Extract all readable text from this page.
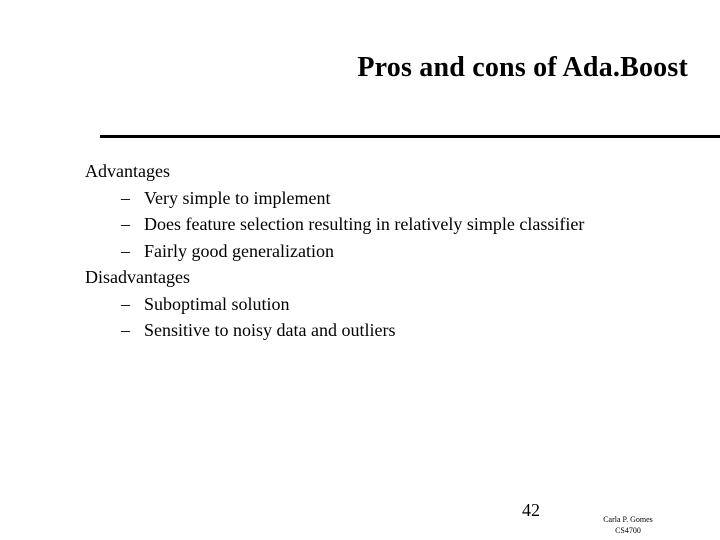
Pros and cons of Ada.Boost
Advantages
– Very simple to implement
– Does feature selection resulting in relatively simple classifier
– Fairly good generalization
Disadvantages
– Suboptimal solution
– Sensitive to noisy data and outliers
42	Carla P. Gomes
CS4700
